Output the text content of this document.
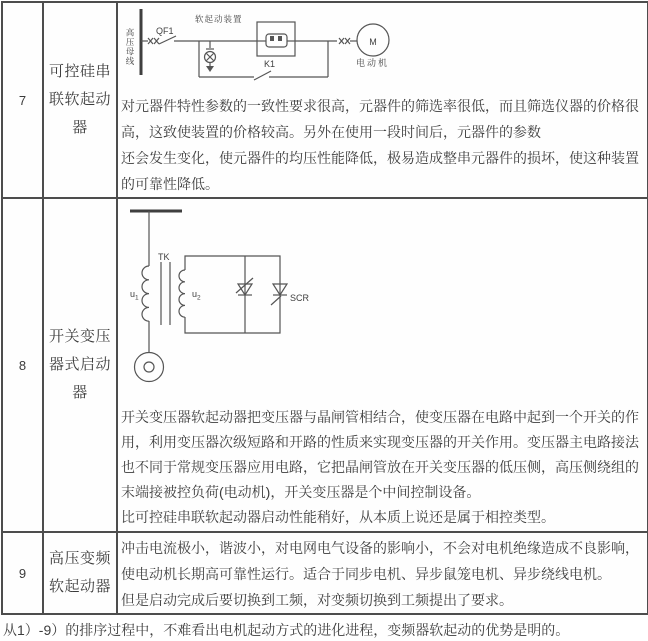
7
可控硅串联软起动器
高压母线 QF1
软起动装置
K1
M
电动机
对元器件特性参数的一致性要求很高，元器件的筛选率很低，而且筛选仪器的价格很
高，这致使装置的价格较高。另外在使用一段时间后，元器件的参数
还会发生变化，使元器件的均压性能降低，极易造成整串元器件的损坏，使这种装置
的可靠性降低。
8
开关变压器式启动器
TK
$u_1$	$u_2$	SCR
开关变压器软起动器把变压器与晶闸管相结合，使变压器在电路中起到一个开关的作
用，利用变压器次级短路和开路的性质来实现变压器的开关作用。变压器主电路接法
也不同于常规变压器应用电路，它把晶闸管放在开关变压器的低压侧，高压侧绕组的
末端接被控负荷(电动机)，开关变压器是个中间控制设备。
比可控硅串联软起动器启动性能稍好，从本质上说还是属于相控类型。
9
高压变频软起动器
冲击电流极小，谐波小，对电网电气设备的影响小，不会对电机绝缘造成不良影响，
使电动机长期高可靠性运行。适合于同步电机、异步鼠笼电机、异步绕线电机。
但是启动完成后要切换到工频，对变频切换到工频提出了要求。
从1）-9）的排序过程中，不难看出电机起动方式的进化进程，变频器软起动的优势是明的。
